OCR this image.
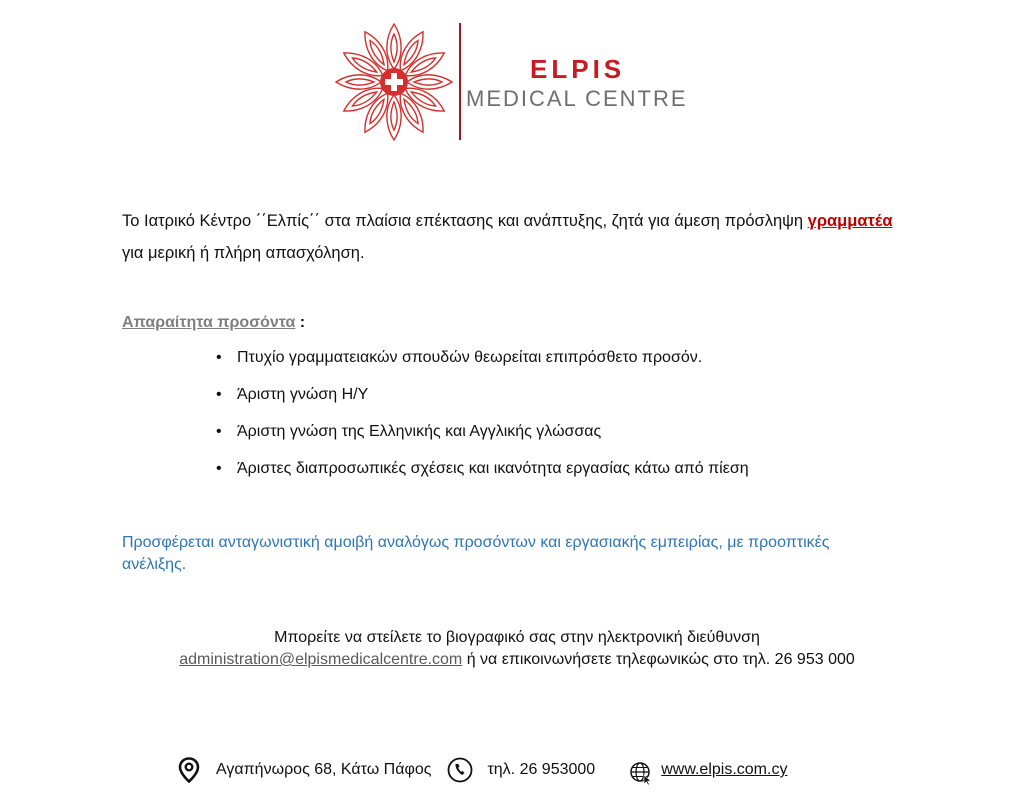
ELPIS
MEDICAL CENTRE

Το Ιατρικό Κέντρο ΄΄Ελπίς΄΄ στα πλαίσια επέκτασης και ανάπτυξης, ζητά για άμεση πρόσληψη γραμματέα για μερική ή πλήρη απασχόληση.

Απαραίτητα προσόντα :
• Πτυχίο γραμματειακών σπουδών θεωρείται επιπρόσθετο προσόν.
• Άριστη γνώση Η/Υ
• Άριστη γνώση της Ελληνικής και Αγγλικής γλώσσας
• Άριστες διαπροσωπικές σχέσεις και ικανότητα εργασίας κάτω από πίεση

Προσφέρεται ανταγωνιστική αμοιβή αναλόγως προσόντων και εργασιακής εμπειρίας, με προοπτικές ανέλιξης.

Μπορείτε να στείλετε το βιογραφικό σας στην ηλεκτρονική διεύθυνση
administration@elpismedicalcentre.com ή να επικοινωνήσετε τηλεφωνικώς στο τηλ. 26 953 000
Αγαπήνωρος 68, Κάτω Πάφος	τηλ. 26 953000	www.elpis.com.cy
